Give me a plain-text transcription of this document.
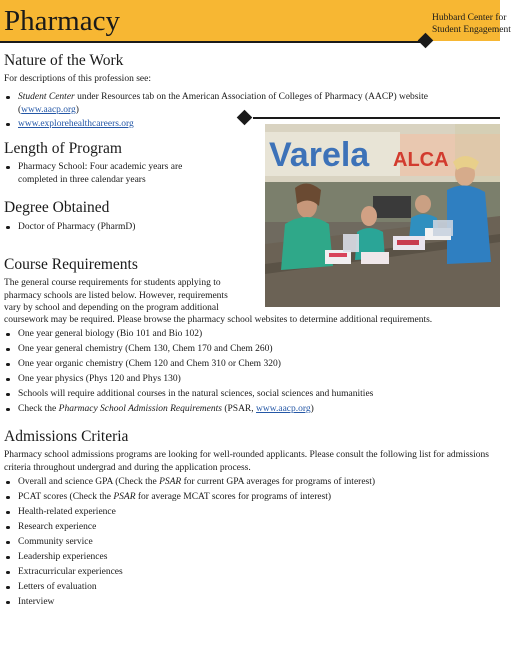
Pharmacy	Hubbard Center for
Student Engagement
Nature of the Work
For descriptions of this profession see:
Student Center under Resources tab on the American Association of Colleges of Pharmacy (AACP) website
(www.aacp.org)
www.explorehealthcareers.org
Length of Program
Pharmacy School: Four academic years are
completed in three calendar years
Degree Obtained
Doctor of Pharmacy (PharmD)
Varela ALCA
Course Requirements
The general course requirements for students applying to
pharmacy schools are listed below. However, requirements
vary by school and depending on the program additional
coursework may be required. Please browse the pharmacy school websites to determine additional requirements.
One year general biology (Bio 101 and Bio 102)
One year general chemistry (Chem 130, Chem 170 and Chem 260)
One year organic chemistry (Chem 120 and Chem 310 or Chem 320)
One year physics (Phys 120 and Phys 130)
Schools will require additional courses in the natural sciences, social sciences and humanities
Check the Pharmacy School Admission Requirements (PSAR, www.aacp.org)
Admissions Criteria
Pharmacy school admissions programs are looking for well-rounded applicants. Please consult the following list for admissions
criteria throughout undergrad and during the application process.
Overall and science GPA (Check the PSAR for current GPA averages for programs of interest)
PCAT scores (Check the PSAR for average MCAT scores for programs of interest)
Health-related experience
Research experience
Community service
Leadership experiences
Extracurricular experiences
Letters of evaluation
Interview
